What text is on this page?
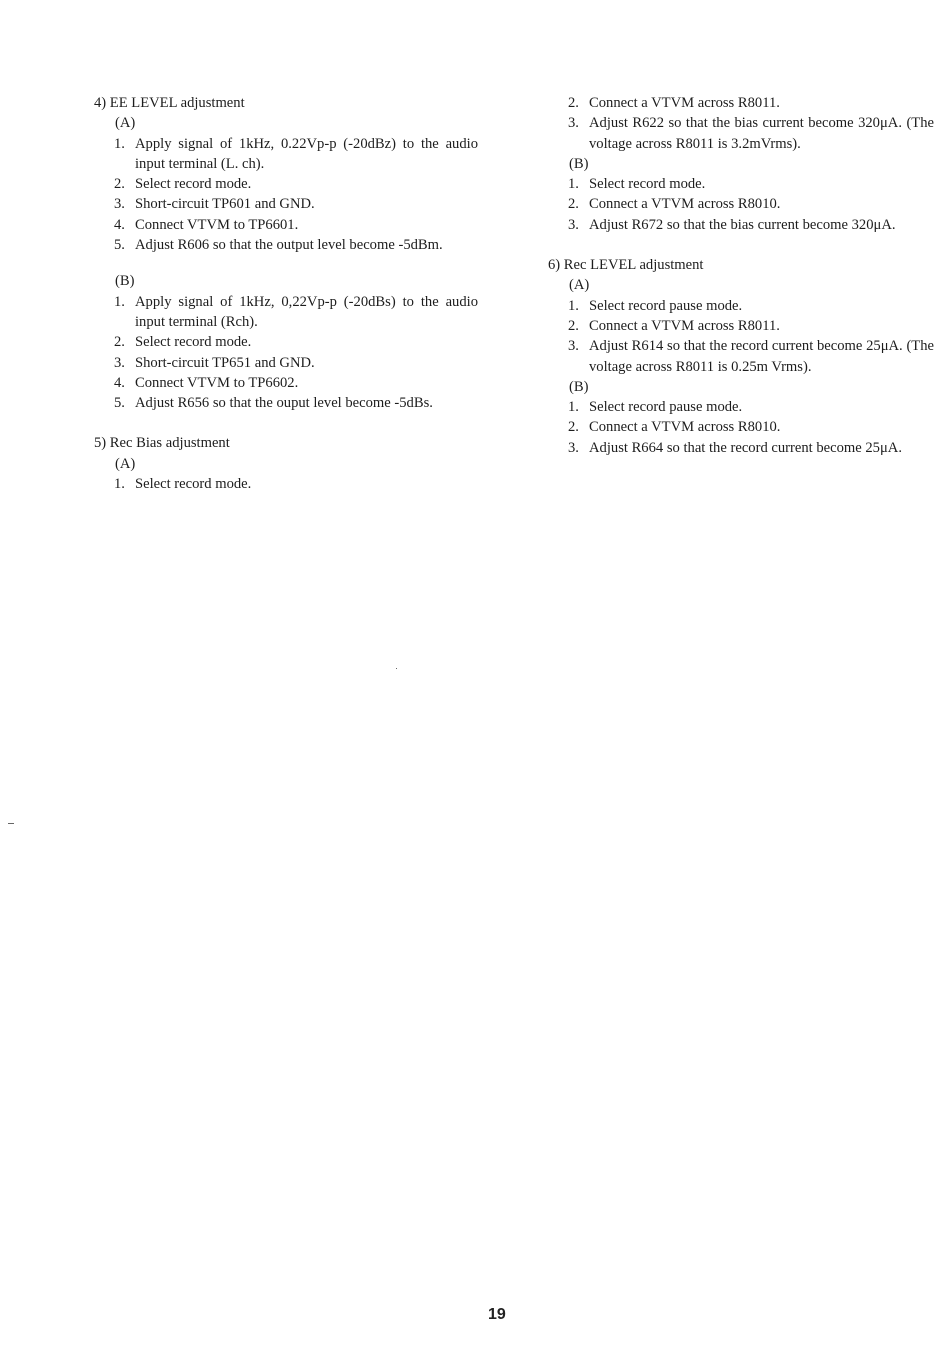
4) EE LEVEL adjustment

(A)

1. Apply signal of 1kHz, 0.22Vp-p (-20dBz) to the audio input terminal (L. ch).
2. Select record mode.
3. Short-circuit TP601 and GND.
4. Connect VTVM to TP6601.
5. Adjust R606 so that the output level become -5dBm.

(B)

1. Apply signal of 1kHz, 0,22Vp-p (-20dBs) to the audio input terminal (Rch).
2. Select record mode.
3. Short-circuit TP651 and GND.
4. Connect VTVM to TP6602.
5. Adjust R656 so that the ouput level become -5dBs.

5) Rec Bias adjustment

(A)

1. Select record mode.
2. Connect a VTVM across R8011.
3. Adjust R622 so that the bias current become 320μA. (The voltage across R8011 is 3.2mVrms).

(B)

1. Select record mode.
2. Connect a VTVM across R8010.
3. Adjust R672 so that the bias current become 320μA.

6) Rec LEVEL adjustment

(A)

1. Select record pause mode.
2. Connect a VTVM across R8011.
3. Adjust R614 so that the record current become 25μA. (The voltage across R8011 is 0.25m Vrms).

(B)

1. Select record pause mode.
2. Connect a VTVM across R8010.
3. Adjust R664 so that the record current become 25μA.
19
